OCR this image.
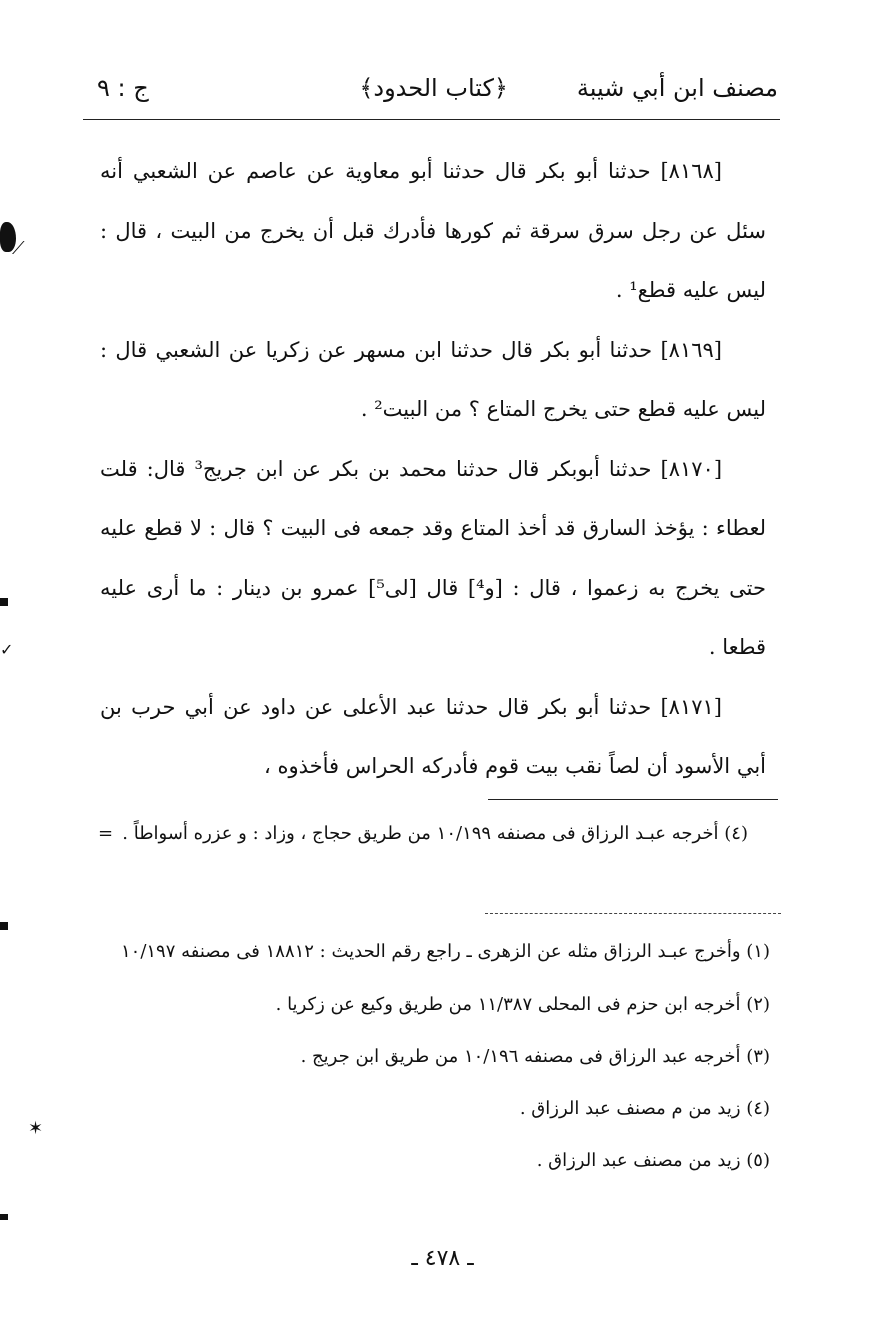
مصنف ابن أبي شيبة
﴿كتاب الحدود﴾
ج : ٩

[٨١٦٨] حدثنا أبو بكر قال حدثنا أبو معاوية عن عاصم عن الشعبي أنه سئل عن رجل سرق سرقة ثم كورها فأدرك قبل أن يخرج من البيت ، قال : ليس عليه قطع¹ .

[٨١٦٩] حدثنا أبو بكر قال حدثنا ابن مسهر عن زكريا عن الشعبي قال : ليس عليه قطع حتى يخرج المتاع ؟ من البيت² .

[٨١٧٠] حدثنا أبوبكر قال حدثنا محمد بن بكر عن ابن جريج³ قال: قلت لعطاء : يؤخذ السارق قد أخذ المتاع وقد جمعه فى البيت ؟ قال : لا قطع عليه حتى يخرج به زعموا ، قال : [و⁴] قال [لى⁵] عمرو بن دينار : ما أرى عليه قطعا .

[٨١٧١] حدثنا أبو بكر قال حدثنا عبد الأعلى عن داود عن أبي حرب بن أبي الأسود أن لصاً نقب بيت قوم فأدركه الحراس فأخذوه ،

= (٤) أخرجه عبـد الرزاق فى مصنفه ١٠/١٩٩ من طريق حجاج ، وزاد : و عزره أسواطاً .

(١) وأخرج عبـد الرزاق مثله عن الزهرى ـ راجع رقم الحديث : ١٨٨١٢ فى مصنفه ١٠/١٩٧

(٢) أخرجه ابن حزم فى المحلى ١١/٣٨٧ من طريق وكيع عن زكريا .

(٣) أخرجه عبد الرزاق فى مصنفه ١٠/١٩٦ من طريق ابن جريج .

(٤) زيد من م مصنف عبد الرزاق .

(٥) زيد من مصنف عبد الرزاق .

ـ ٤٧٨ ـ
⟋
✓
✶
